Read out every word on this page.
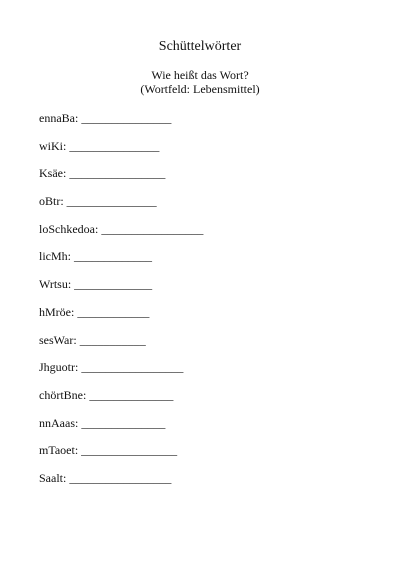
Schüttelwörter
Wie heißt das Wort?
(Wortfeld: Lebensmittel)
ennaBa: _______________
wiKi: _______________
Ksäe: ________________
oBtr: _______________
loSchkedoa: _________________
licMh: _____________
Wrtsu: _____________
hMröe: ____________
sesWar: ___________
Jhguotr: _________________
chörtBne: ______________
nnAaas: ______________
mTaoet: ________________
Saalt: _________________
